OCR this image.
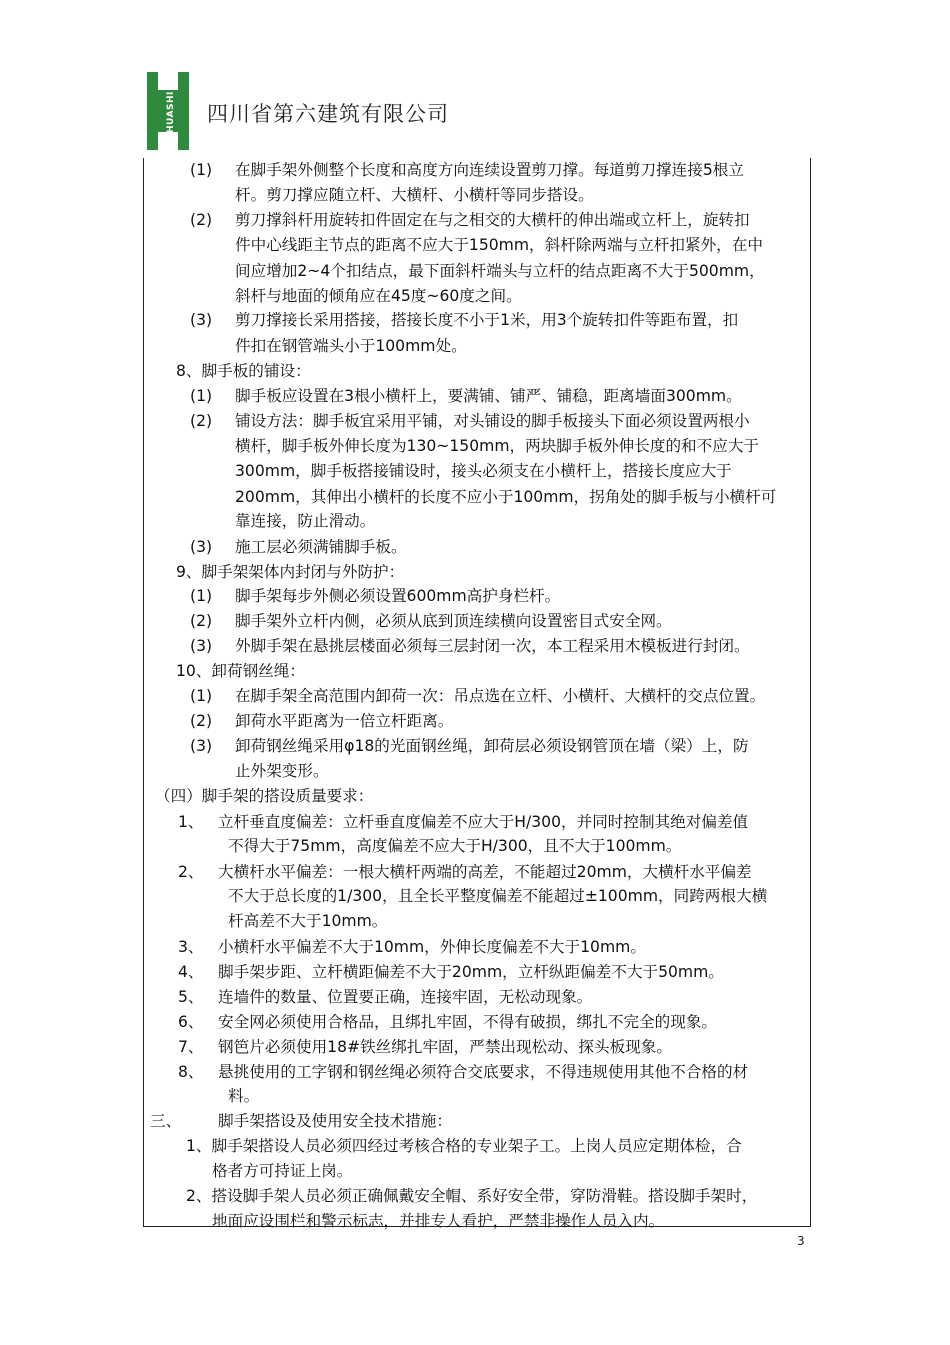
HUASHI 四川省第六建筑有限公司
(1) 在脚手架外侧整个长度和高度方向连续设置剪刀撑。每道剪刀撑连接5根立
杆。剪刀撑应随立杆、大横杆、小横杆等同步搭设。
(2) 剪刀撑斜杆用旋转扣件固定在与之相交的大横杆的伸出端或立杆上，旋转扣
件中心线距主节点的距离不应大于150mm，斜杆除两端与立杆扣紧外，在中
间应增加2~4个扣结点，最下面斜杆端头与立杆的结点距离不大于500mm，
斜杆与地面的倾角应在45度~60度之间。
(3) 剪刀撑接长采用搭接，搭接长度不小于1米，用3个旋转扣件等距布置，扣
件扣在钢管端头小于100mm处。
8、脚手板的铺设：
(1) 脚手板应设置在3根小横杆上，要满铺、铺严、铺稳，距离墙面300mm。
(2) 铺设方法：脚手板宜采用平铺，对头铺设的脚手板接头下面必须设置两根小
横杆，脚手板外伸长度为130~150mm，两块脚手板外伸长度的和不应大于
300mm，脚手板搭接铺设时，接头必须支在小横杆上，搭接长度应大于
200mm，其伸出小横杆的长度不应小于100mm，拐角处的脚手板与小横杆可
靠连接，防止滑动。
(3) 施工层必须满铺脚手板。
9、脚手架架体内封闭与外防护：
(1) 脚手架每步外侧必须设置600mm高护身栏杆。
(2) 脚手架外立杆内侧，必须从底到顶连续横向设置密目式安全网。
(3) 外脚手架在悬挑层楼面必须每三层封闭一次，本工程采用木模板进行封闭。
10、卸荷钢丝绳：
(1) 在脚手架全高范围内卸荷一次：吊点选在立杆、小横杆、大横杆的交点位置。
(2) 卸荷水平距离为一倍立杆距离。
(3) 卸荷钢丝绳采用φ18的光面钢丝绳，卸荷层必须设钢管顶在墙（梁）上，防
止外架变形。
（四）脚手架的搭设质量要求：
1、 立杆垂直度偏差：立杆垂直度偏差不应大于H/300，并同时控制其绝对偏差值
不得大于75mm，高度偏差不应大于H/300，且不大于100mm。
2、 大横杆水平偏差：一根大横杆两端的高差，不能超过20mm，大横杆水平偏差
不大于总长度的1/300，且全长平整度偏差不能超过±100mm，同跨两根大横
杆高差不大于10mm。
3、 小横杆水平偏差不大于10mm，外伸长度偏差不大于10mm。
4、 脚手架步距、立杆横距偏差不大于20mm，立杆纵距偏差不大于50mm。
5、 连墙件的数量、位置要正确，连接牢固，无松动现象。
6、 安全网必须使用合格品，且绑扎牢固，不得有破损，绑扎不完全的现象。
7、 钢笆片必须使用18#铁丝绑扎牢固，严禁出现松动、探头板现象。
8、 悬挑使用的工字钢和钢丝绳必须符合交底要求，不得违规使用其他不合格的材
料。
三、 脚手架搭设及使用安全技术措施：
1、脚手架搭设人员必须四经过考核合格的专业架子工。上岗人员应定期体检，合
格者方可持证上岗。
2、搭设脚手架人员必须正确佩戴安全帽、系好安全带，穿防滑鞋。搭设脚手架时，
地面应设围栏和警示标志，并排专人看护，严禁非操作人员入内。
3
